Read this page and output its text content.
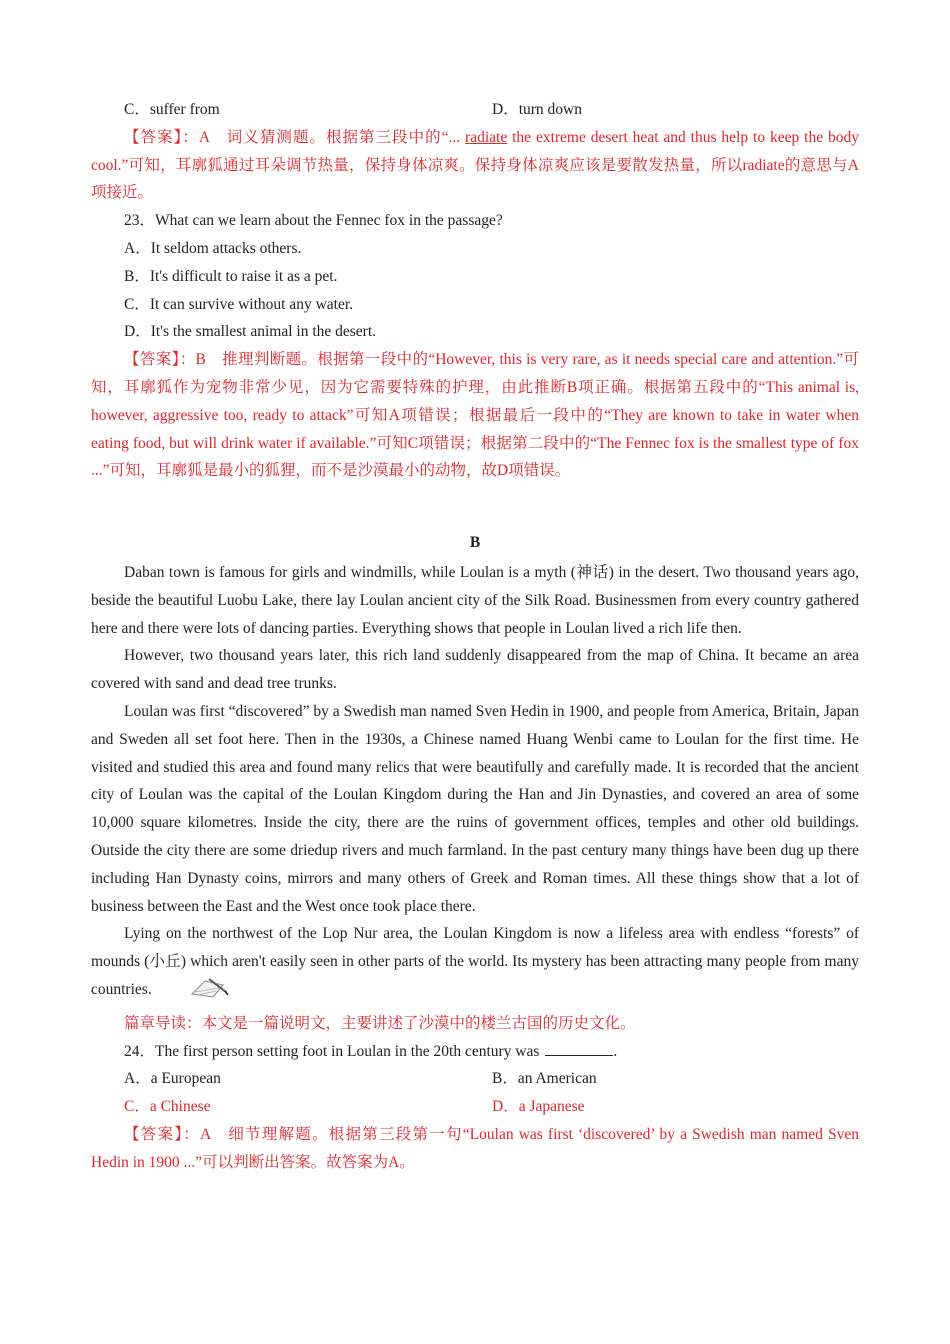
C．suffer from	D．turn down

【答案】：A　词义猜测题。根据第三段中的“... radiate the extreme desert heat and thus help to keep the body cool.”可知，耳廓狐通过耳朵调节热量，保持身体凉爽。保持身体凉爽应该是要散发热量，所以radiate的意思与A项接近。

23．What can we learn about the Fennec fox in the passage?

A．It seldom attacks others.
B．It's difficult to raise it as a pet.
C．It can survive without any water.
D．It's the smallest animal in the desert.

【答案】：B　推理判断题。根据第一段中的“However, this is very rare, as it needs special care and attention.”可知，耳廓狐作为宠物非常少见，因为它需要特殊的护理，由此推断B项正确。根据第五段中的“This animal is, however, aggressive too, ready to attack”可知A项错误；根据最后一段中的“They are known to take in water when eating food, but will drink water if available.”可知C项错误；根据第二段中的“The Fennec fox is the smallest type of fox ...”可知，耳廓狐是最小的狐狸，而不是沙漠最小的动物，故D项错误。

B

Daban town is famous for girls and windmills, while Loulan is a myth (神话) in the desert. Two thousand years ago, beside the beautiful Luobu Lake, there lay Loulan ancient city of the Silk Road. Businessmen from every country gathered here and there were lots of dancing parties. Everything shows that people in Loulan lived a rich life then.

However, two thousand years later, this rich land suddenly disappeared from the map of China. It became an area covered with sand and dead tree trunks.

Loulan was first “discovered” by a Swedish man named Sven Hedin in 1900, and people from America, Britain, Japan and Sweden all set foot here. Then in the 1930s, a Chinese named Huang Wenbi came to Loulan for the first time. He visited and studied this area and found many relics that were beautifully and carefully made. It is recorded that the ancient city of Loulan was the capital of the Loulan Kingdom during the Han and Jin Dynasties, and covered an area of some 10,000 square kilometres. Inside the city, there are the ruins of government offices, temples and other old buildings. Outside the city there are some driedup rivers and much farmland. In the past century many things have been dug up there including Han Dynasty coins, mirrors and many others of Greek and Roman times. All these things show that a lot of business between the East and the West once took place there.

Lying on the northwest of the Lop Nur area, the Loulan Kingdom is now a lifeless area with endless “forests” of mounds (小丘) which aren't easily seen in other parts of the world. Its mystery has been attracting many people from many countries.

篇章导读：本文是一篇说明文，主要讲述了沙漠中的楼兰古国的历史文化。

24．The first person setting foot in Loulan in the 20th century was	.

A．a European	B．an American
C．a Chinese	D．a Japanese

【答案】：A　细节理解题。根据第三段第一句“Loulan was first ‘discovered’ by a Swedish man named Sven Hedin in 1900 ...”可以判断出答案。故答案为A。
